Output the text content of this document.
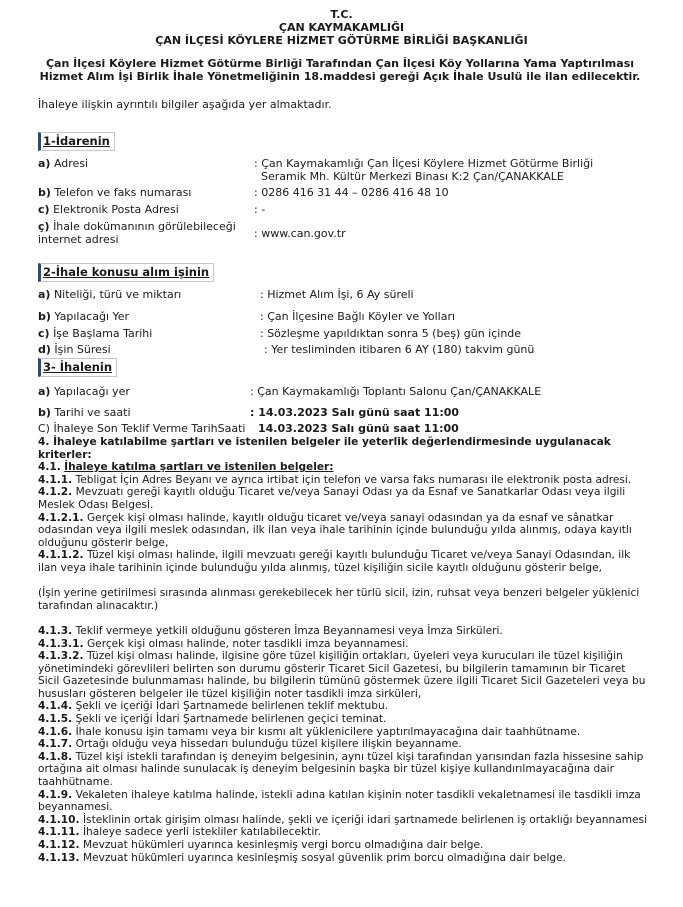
T.C.
ÇAN KAYMAKAMLIĞI
ÇAN İLÇESİ KÖYLERE HİZMET GÖTÜRME BİRLİĞİ BAŞKANLIĞI
Çan İlçesi Köylere Hizmet Götürme Birliği Tarafından Çan İlçesi Köy Yollarına Yama Yaptırılması
Hizmet Alım İşi Birlik İhale Yönetmeliğinin 18.maddesi gereği Açık İhale Usulü ile ilan edilecektir.
İhaleye ilişkin ayrıntılı bilgiler aşağıda yer almaktadır.
1-İdarenin
a) Adresi	: Çan Kaymakamlığı Çan İlçesi Köylere Hizmet Götürme Birliği
Seramik Mh. Kültür Merkezi Binası K:2 Çan/ÇANAKKALE
b) Telefon ve faks numarası	: 0286 416 31 44 – 0286 416 48 10
c) Elektronik Posta Adresi	: -
ç) İhale dokümanının görülebileceği
internet adresi	: www.can.gov.tr
2-İhale konusu alım işinin
a) Niteliği, türü ve miktarı	: Hizmet Alım İşi, 6 Ay süreli
b) Yapılacağı Yer	: Çan İlçesine Bağlı Köyler ve Yolları
c) İşe Başlama Tarihi	: Sözleşme yapıldıktan sonra 5 (beş) gün içinde
d) İşin Süresi	: Yer tesliminden itibaren 6 AY (180) takvim günü
3- İhalenin
a) Yapılacağı yer	: Çan Kaymakamlığı Toplantı Salonu Çan/ÇANAKKALE
b) Tarihi ve saati	: 14.03.2023 Salı günü saat 11:00
C) İhaleye Son Teklif Verme TarihSaati	14.03.2023 Salı günü saat 11:00

4. İhaleye katılabilme şartları ve istenilen belgeler ile yeterlik değerlendirmesinde uygulanacak kriterler:

4.1. İhaleye katılma şartları ve istenilen belgeler:

4.1.1. Tebligat İçin Adres Beyanı ve ayrıca irtibat için telefon ve varsa faks numarası ile elektronik posta adresi.

4.1.2. Mevzuatı gereği kayıtlı olduğu Ticaret ve/veya Sanayi Odası ya da Esnaf ve Sanatkarlar Odası veya ilgili Meslek Odası Belgesi.

4.1.2.1. Gerçek kişi olması halinde, kayıtlı olduğu ticaret ve/veya sanayi odasından ya da esnaf ve sânatkar odasından veya ilgili meslek odasından, ilk ilan veya ihale tarihinin içinde bulunduğu yılda alınmış, odaya kayıtlı olduğunu gösterir belge,

4.1.1.2. Tüzel kişi olması halinde, ilgili mevzuatı gereği kayıtlı bulunduğu Ticaret ve/veya Sanayi Odasından, ilk ilan veya ihale tarihinin içinde bulunduğu yılda alınmış, tüzel kişiliğin sicile kayıtlı olduğunu gösterir belge,

(İşin yerine getirilmesi sırasında alınması gerekebilecek her türlü sicil, izin, ruhsat veya benzeri belgeler yüklenici tarafından alınacaktır.)

4.1.3. Teklif vermeye yetkili olduğunu gösteren İmza Beyannamesi veya İmza Sirküleri.

4.1.3.1. Gerçek kişi olması halinde, noter tasdikli imza beyannamesi.

4.1.3.2. Tüzel kişi olması halinde, ilgisine göre tüzel kişiliğin ortakları, üyeleri veya kurucuları ile tüzel kişiliğin yönetimindeki görevlileri belirten son durumu gösterir Ticaret Sicil Gazetesi, bu bilgilerin tamamının bir Ticaret Sicil Gazetesinde bulunmaması halinde, bu bilgilerin tümünü göstermek üzere ilgili Ticaret Sicil Gazeteleri veya bu hususları gösteren belgeler ile tüzel kişiliğin noter tasdikli imza sirküleri,

4.1.4. Şekli ve içeriği İdari Şartnamede belirlenen teklif mektubu.

4.1.5. Şekli ve içeriği İdari Şartnamede belirlenen geçici teminat.

4.1.6. İhale konusu işin tamamı veya bir kısmı alt yüklenicilere yaptırılmayacağına dair taahhütname.

4.1.7. Ortağı olduğu veya hissedarı bulunduğu tüzel kişilere ilişkin beyanname.

4.1.8. Tüzel kişi istekli tarafından iş deneyim belgesinin, aynı tüzel kişi tarafından yarısından fazla hissesine sahip ortağına ait olması halinde sunulacak iş deneyim belgesinin başka bir tüzel kişiye kullandırılmayacağına dair taahhütname.

4.1.9. Vekaleten ihaleye katılma halinde, istekli adına katılan kişinin noter tasdikli vekaletnamesi ile tasdikli imza beyannamesi.

4.1.10. İsteklinin ortak girişim olması halinde, şekli ve içeriği idari şartnamede belirlenen iş ortaklığı beyannamesi

4.1.11. İhaleye sadece yerli istekliler katılabilecektir.

4.1.12. Mevzuat hükümleri uyarınca kesinleşmiş vergi borcu olmadığına dair belge.

4.1.13. Mevzuat hükümleri uyarınca kesinleşmiş sosyal güvenlik prim borcu olmadığına dair belge.
